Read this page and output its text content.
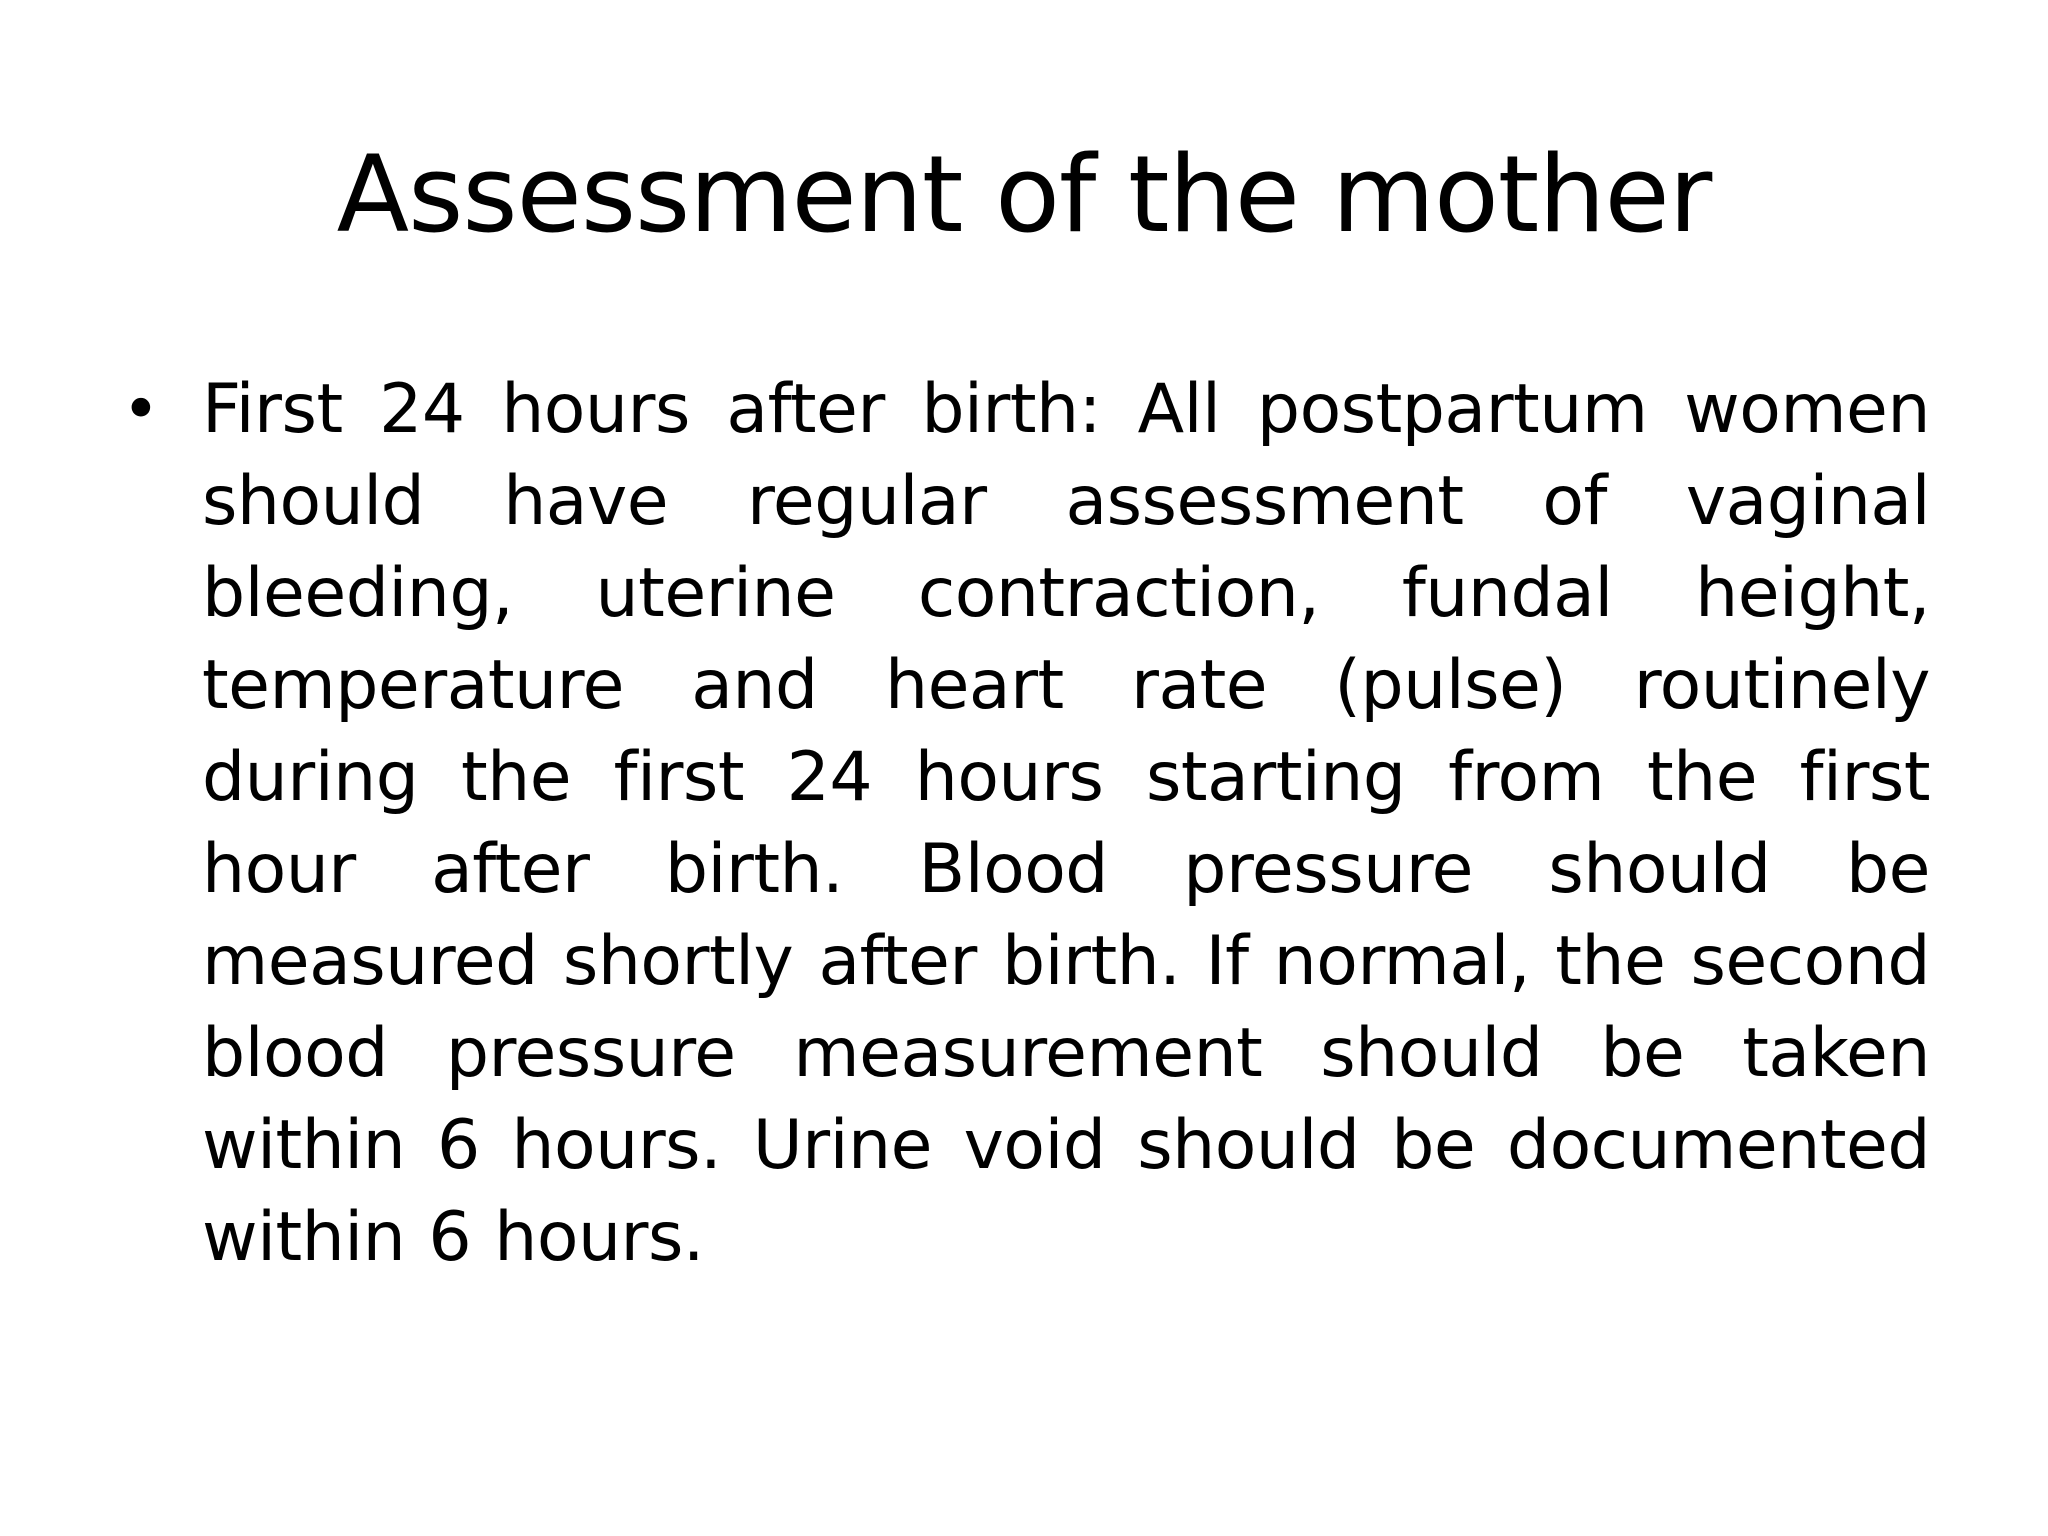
Assessment of the mother
• First 24 hours after birth: All postpartum women should have regular assessment of vaginal bleeding, uterine contraction, fundal height, temperature and heart rate (pulse) routinely during the first 24 hours starting from the first hour after birth. Blood pressure should be measured shortly after birth. If normal, the second blood pressure measurement should be taken within 6 hours. Urine void should be documented within 6 hours.
